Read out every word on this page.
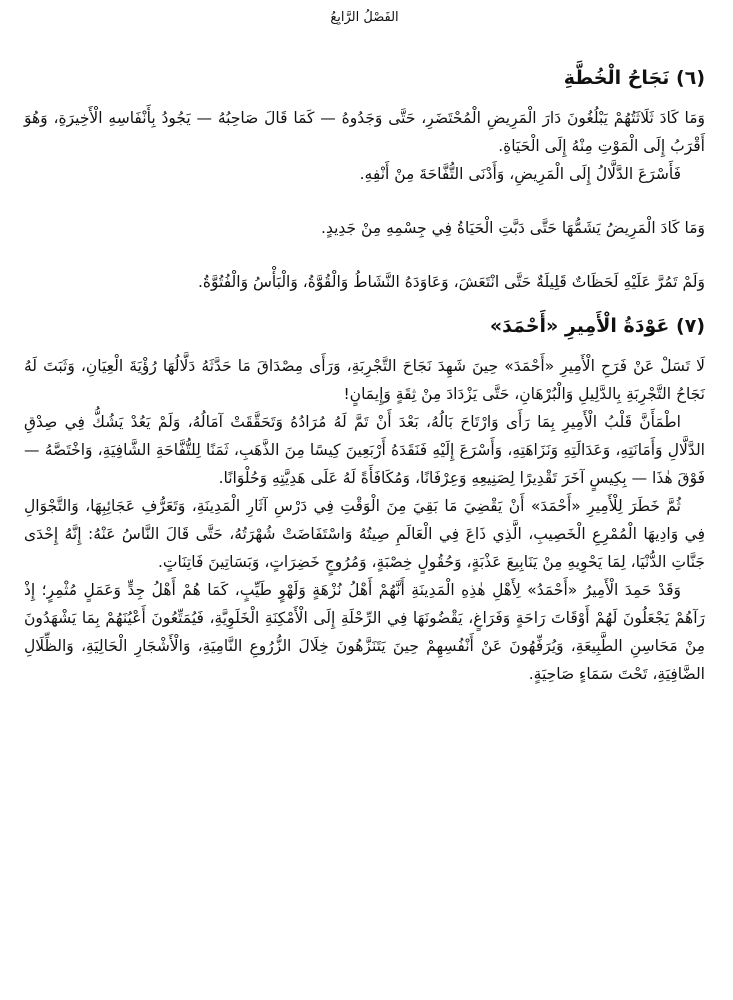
الفَصْلُ الرَّابِعُ
(٦) نَجَاحُ الْخُطَّةِ

وَمَا كَادَ ثَلَاثَتُهُمْ يَبْلُغُونَ دَارَ الْمَرِيضِ الْمُحْتَضَرِ، حَتَّى وَجَدُوهُ — كَمَا قَالَ صَاحِبُهُ — يَجُودُ بِأَنْفَاسِهِ الْأَخِيرَةِ، وَهُوَ أَقْرَبُ إِلَى الْمَوْتِ مِنْهُ إِلَى الْحَيَاةِ.

فَأَسْرَعَ الدَّلَّالُ إِلَى الْمَرِيضِ، وَأَدْنَى التُّفَّاحَةَ مِنْ أَنْفِهِ.

وَمَا كَادَ الْمَرِيضُ يَشَمُّهَا حَتَّى دَبَّتِ الْحَيَاةُ فِي جِسْمِهِ مِنْ جَدِيدٍ.

وَلَمْ تَمُرَّ عَلَيْهِ لَحَظَاتٌ قَلِيلَةٌ حَتَّى انْتَعَشَ، وَعَاوَدَهُ النَّشَاطُ وَالْقُوَّةُ، وَالْبَأْسُ وَالْفُتُوَّةُ.

(٧) عَوْدَةُ الْأَمِيرِ «أَحْمَدَ»

لَا تَسَلْ عَنْ فَرَحِ الْأَمِيرِ «أَحْمَدَ» حِينَ شَهِدَ نَجَاحَ التَّجْرِبَةِ، وَرَأَى مِصْدَاقَ مَا حَدَّثَهُ دَلَّالُهَا رُؤْيَةَ الْعِيَانِ، وَثَبَتَ لَهُ نَجَاحُ التَّجْرِبَةِ بِالدَّلِيلِ وَالْبُرْهَانِ، حَتَّى يَزْدَادَ مِنْ ثِقَةٍ وَإِيمَانٍ!

اطْمَأَنَّ قَلْبُ الْأَمِيرِ بِمَا رَأَى وَارْتَاحَ بَالُهُ، بَعْدَ أَنْ تَمَّ لَهُ مُرَادُهُ وَتَحَقَّقَتْ آمَالُهُ، وَلَمْ يَعُدْ يَشُكُّ فِي صِدْقِ الدَّلَّالِ وَأَمَانَتِهِ، وَعَدَالَتِهِ وَنَزَاهَتِهِ، وَأَسْرَعَ إِلَيْهِ فَنَقَدَهُ أَرْبَعِينَ كِيسًا مِنَ الذَّهَبِ، ثَمَنًا لِلتُّفَّاحَةِ الشَّافِيَةِ، وَاخْتَصَّهُ — فَوْقَ هٰذَا — بِكِيسٍ آخَرَ تَقْدِيرًا لِصَنِيعِهِ وَعِرْفَانًا، وَمُكَافَأَةً لَهُ عَلَى هَدِيَّتِهِ وَحُلْوَانًا.

ثُمَّ خَطَرَ لِلْأَمِيرِ «أَحْمَدَ» أَنْ يَقْضِيَ مَا بَقِيَ مِنَ الْوَقْتِ فِي دَرْسِ آثَارِ الْمَدِينَةِ، وَتَعَرُّفِ عَجَائِبِهَا، وَالتَّجْوَالِ فِي وَادِيهَا الْمُمْرِعِ الْخَصِيبِ، الَّذِي ذَاعَ فِي الْعَالَمِ صِيتُهُ وَاسْتَفَاضَتْ شُهْرَتُهُ، حَتَّى قَالَ النَّاسُ عَنْهُ: إِنَّهُ إِحْدَى جَنَّاتِ الدُّنْيَا، لِمَا يَحْوِيهِ مِنْ يَنَابِيعَ عَذْبَةٍ، وَحُقُولٍ خِصْبَةٍ، وَمُرُوجٍ خَضِرَاتٍ، وَبَسَاتِينَ فَاتِنَاتٍ.

وَقَدْ حَمِدَ الْأَمِيرُ «أَحْمَدُ» لِأَهْلِ هٰذِهِ الْمَدِينَةِ أَنَّهُمْ أَهْلُ نُزْهَةٍ وَلَهْوٍ طَيِّبٍ، كَمَا هُمْ أَهْلُ جِدٍّ وَعَمَلٍ مُثْمِرٍ؛ إِذْ رَآهُمْ يَجْعَلُونَ لَهُمْ أَوْقَاتَ رَاحَةٍ وَفَرَاغٍ، يَقْضُونَهَا فِي الرِّحْلَةِ إِلَى الْأَمْكِنَةِ الْخَلَوِيَّةِ، فَيُمَتِّعُونَ أَعْيُنَهُمْ بِمَا يَشْهَدُونَ مِنْ مَحَاسِنِ الطَّبِيعَةِ، وَيُرَفِّهُونَ عَنْ أَنْفُسِهِمْ حِينَ يَتَنَزَّهُونَ خِلَالَ الزُّرُوعِ النَّامِيَةِ، وَالْأَشْجَارِ الْحَالِيَةِ، وَالظِّلَالِ الضَّافِيَةِ، تَحْتَ سَمَاءٍ صَاحِيَةٍ.
